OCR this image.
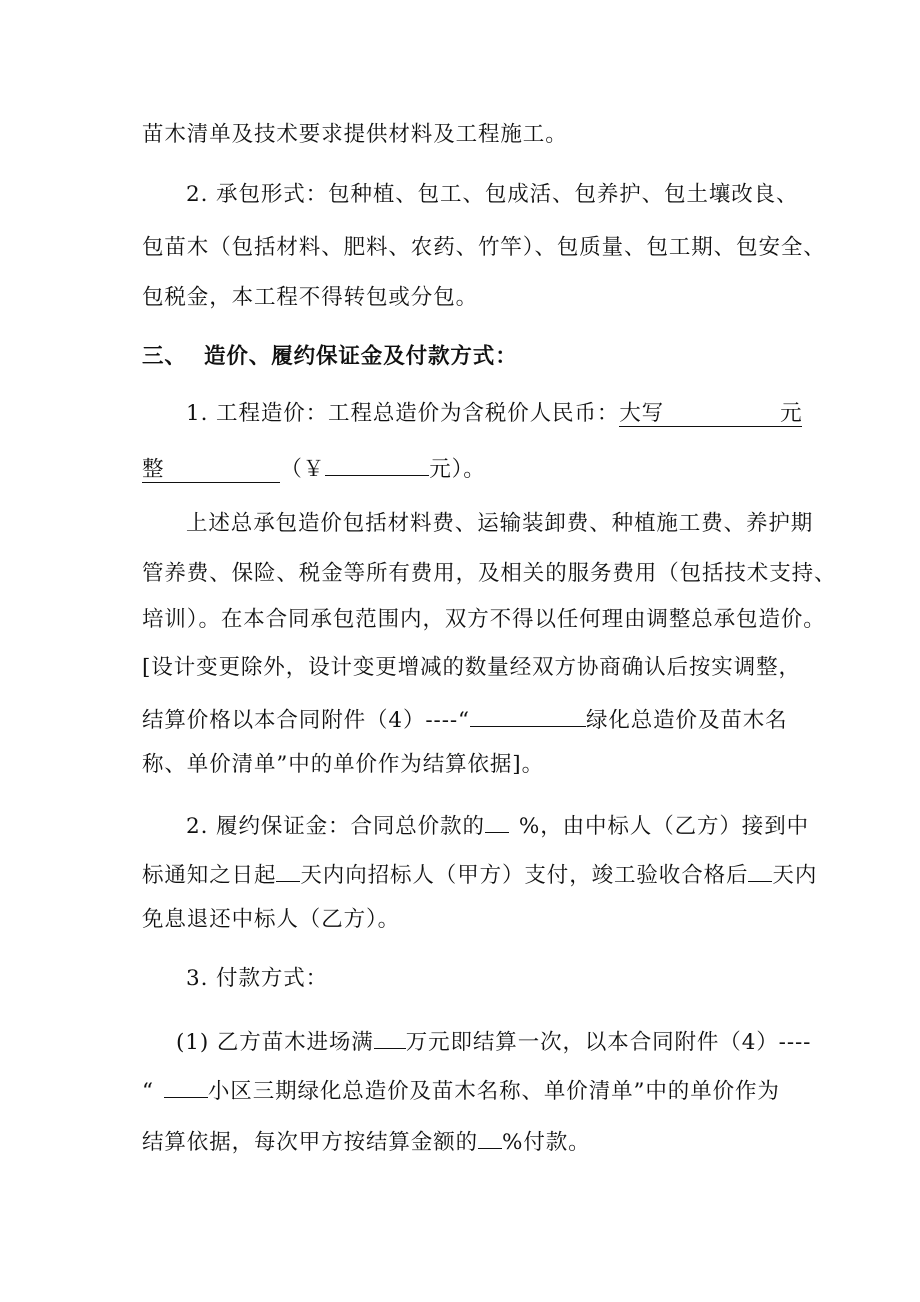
苗木清单及技术要求提供材料及工程施工。
2. 承包形式：包种植、包工、包成活、包养护、包土壤改良、
包苗木（包括材料、肥料、农药、竹竿）、包质量、包工期、包安全、
包税金，本工程不得转包或分包。
三、 造价、履约保证金及付款方式：
1. 工程造价：工程总造价为含税价人民币：大写	元
整	（￥	元）。
上述总承包造价包括材料费、运输装卸费、种植施工费、养护期
管养费、保险、税金等所有费用，及相关的服务费用（包括技术支持、
培训）。在本合同承包范围内，双方不得以任何理由调整总承包造价。
[设计变更除外，设计变更增减的数量经双方协商确认后按实调整，
结算价格以本合同附件（4）----“	绿化总造价及苗木名
称、单价清单”中的单价作为结算依据]。
2. 履约保证金：合同总价款的 %，由中标人（乙方）接到中
标通知之日起 天内向招标人（甲方）支付，竣工验收合格后 天内
免息退还中标人（乙方）。
3. 付款方式：
(1) 乙方苗木进场满 万元即结算一次，以本合同附件（4）----
“	小区三期绿化总造价及苗木名称、单价清单”中的单价作为
结算依据，每次甲方按结算金额的 %付款。
